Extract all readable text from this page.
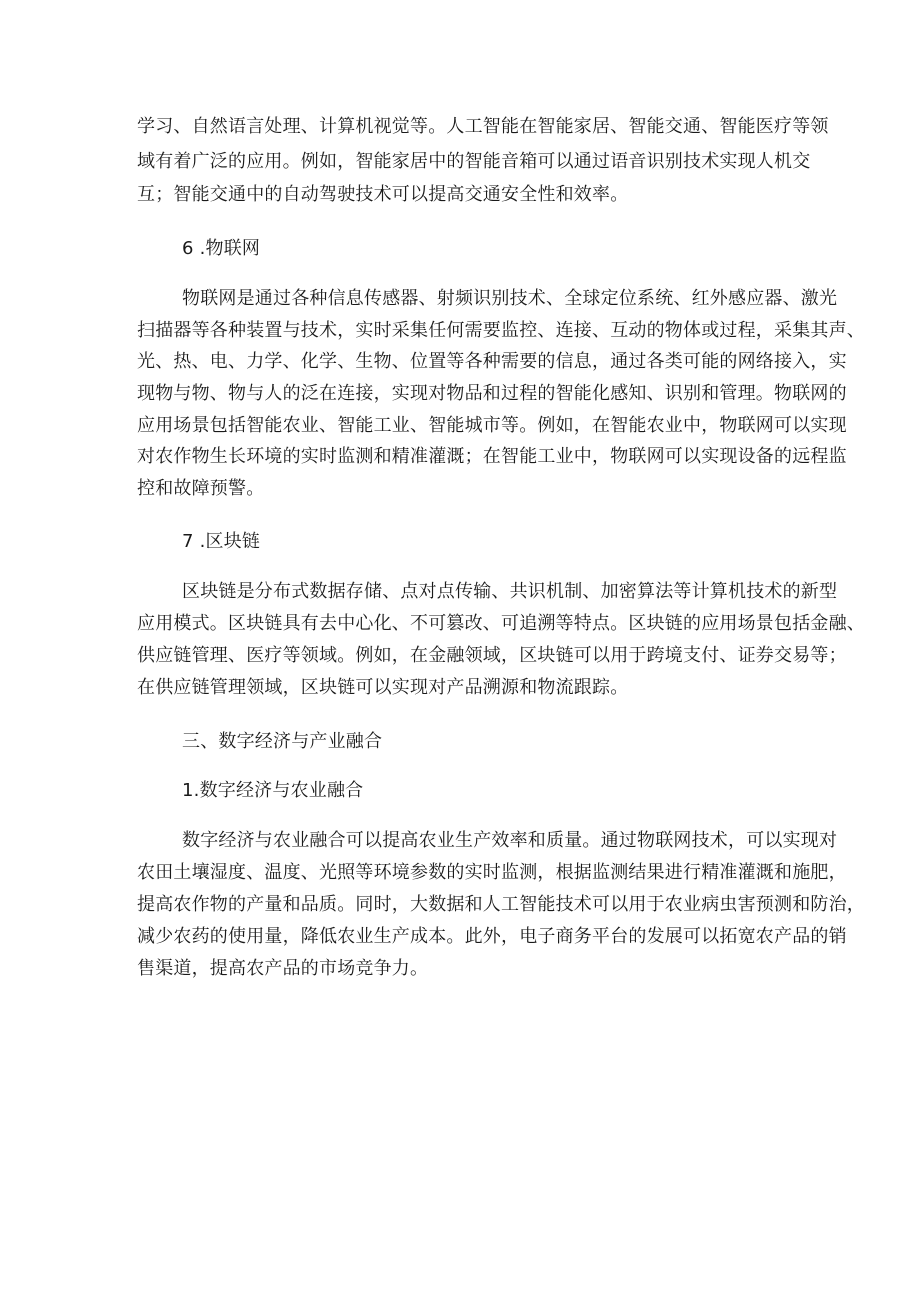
学习、自然语言处理、计算机视觉等。人工智能在智能家居、智能交通、智能医疗等领
域有着广泛的应用。例如，智能家居中的智能音箱可以通过语音识别技术实现人机交
互；智能交通中的自动驾驶技术可以提高交通安全性和效率。
6 .物联网
物联网是通过各种信息传感器、射频识别技术、全球定位系统、红外感应器、激光
扫描器等各种装置与技术，实时采集任何需要监控、连接、互动的物体或过程，采集其声、
光、热、电、力学、化学、生物、位置等各种需要的信息，通过各类可能的网络接入，实
现物与物、物与人的泛在连接，实现对物品和过程的智能化感知、识别和管理。物联网的
应用场景包括智能农业、智能工业、智能城市等。例如，在智能农业中，物联网可以实现
对农作物生长环境的实时监测和精准灌溉；在智能工业中，物联网可以实现设备的远程监
控和故障预警。
7 .区块链
区块链是分布式数据存储、点对点传输、共识机制、加密算法等计算机技术的新型
应用模式。区块链具有去中心化、不可篡改、可追溯等特点。区块链的应用场景包括金融、
供应链管理、医疗等领域。例如，在金融领域，区块链可以用于跨境支付、证券交易等；
在供应链管理领域，区块链可以实现对产品溯源和物流跟踪。
三、数字经济与产业融合
1.数字经济与农业融合
数字经济与农业融合可以提高农业生产效率和质量。通过物联网技术，可以实现对
农田土壤湿度、温度、光照等环境参数的实时监测，根据监测结果进行精准灌溉和施肥，
提高农作物的产量和品质。同时，大数据和人工智能技术可以用于农业病虫害预测和防治，
减少农药的使用量，降低农业生产成本。此外，电子商务平台的发展可以拓宽农产品的销
售渠道，提高农产品的市场竞争力。
